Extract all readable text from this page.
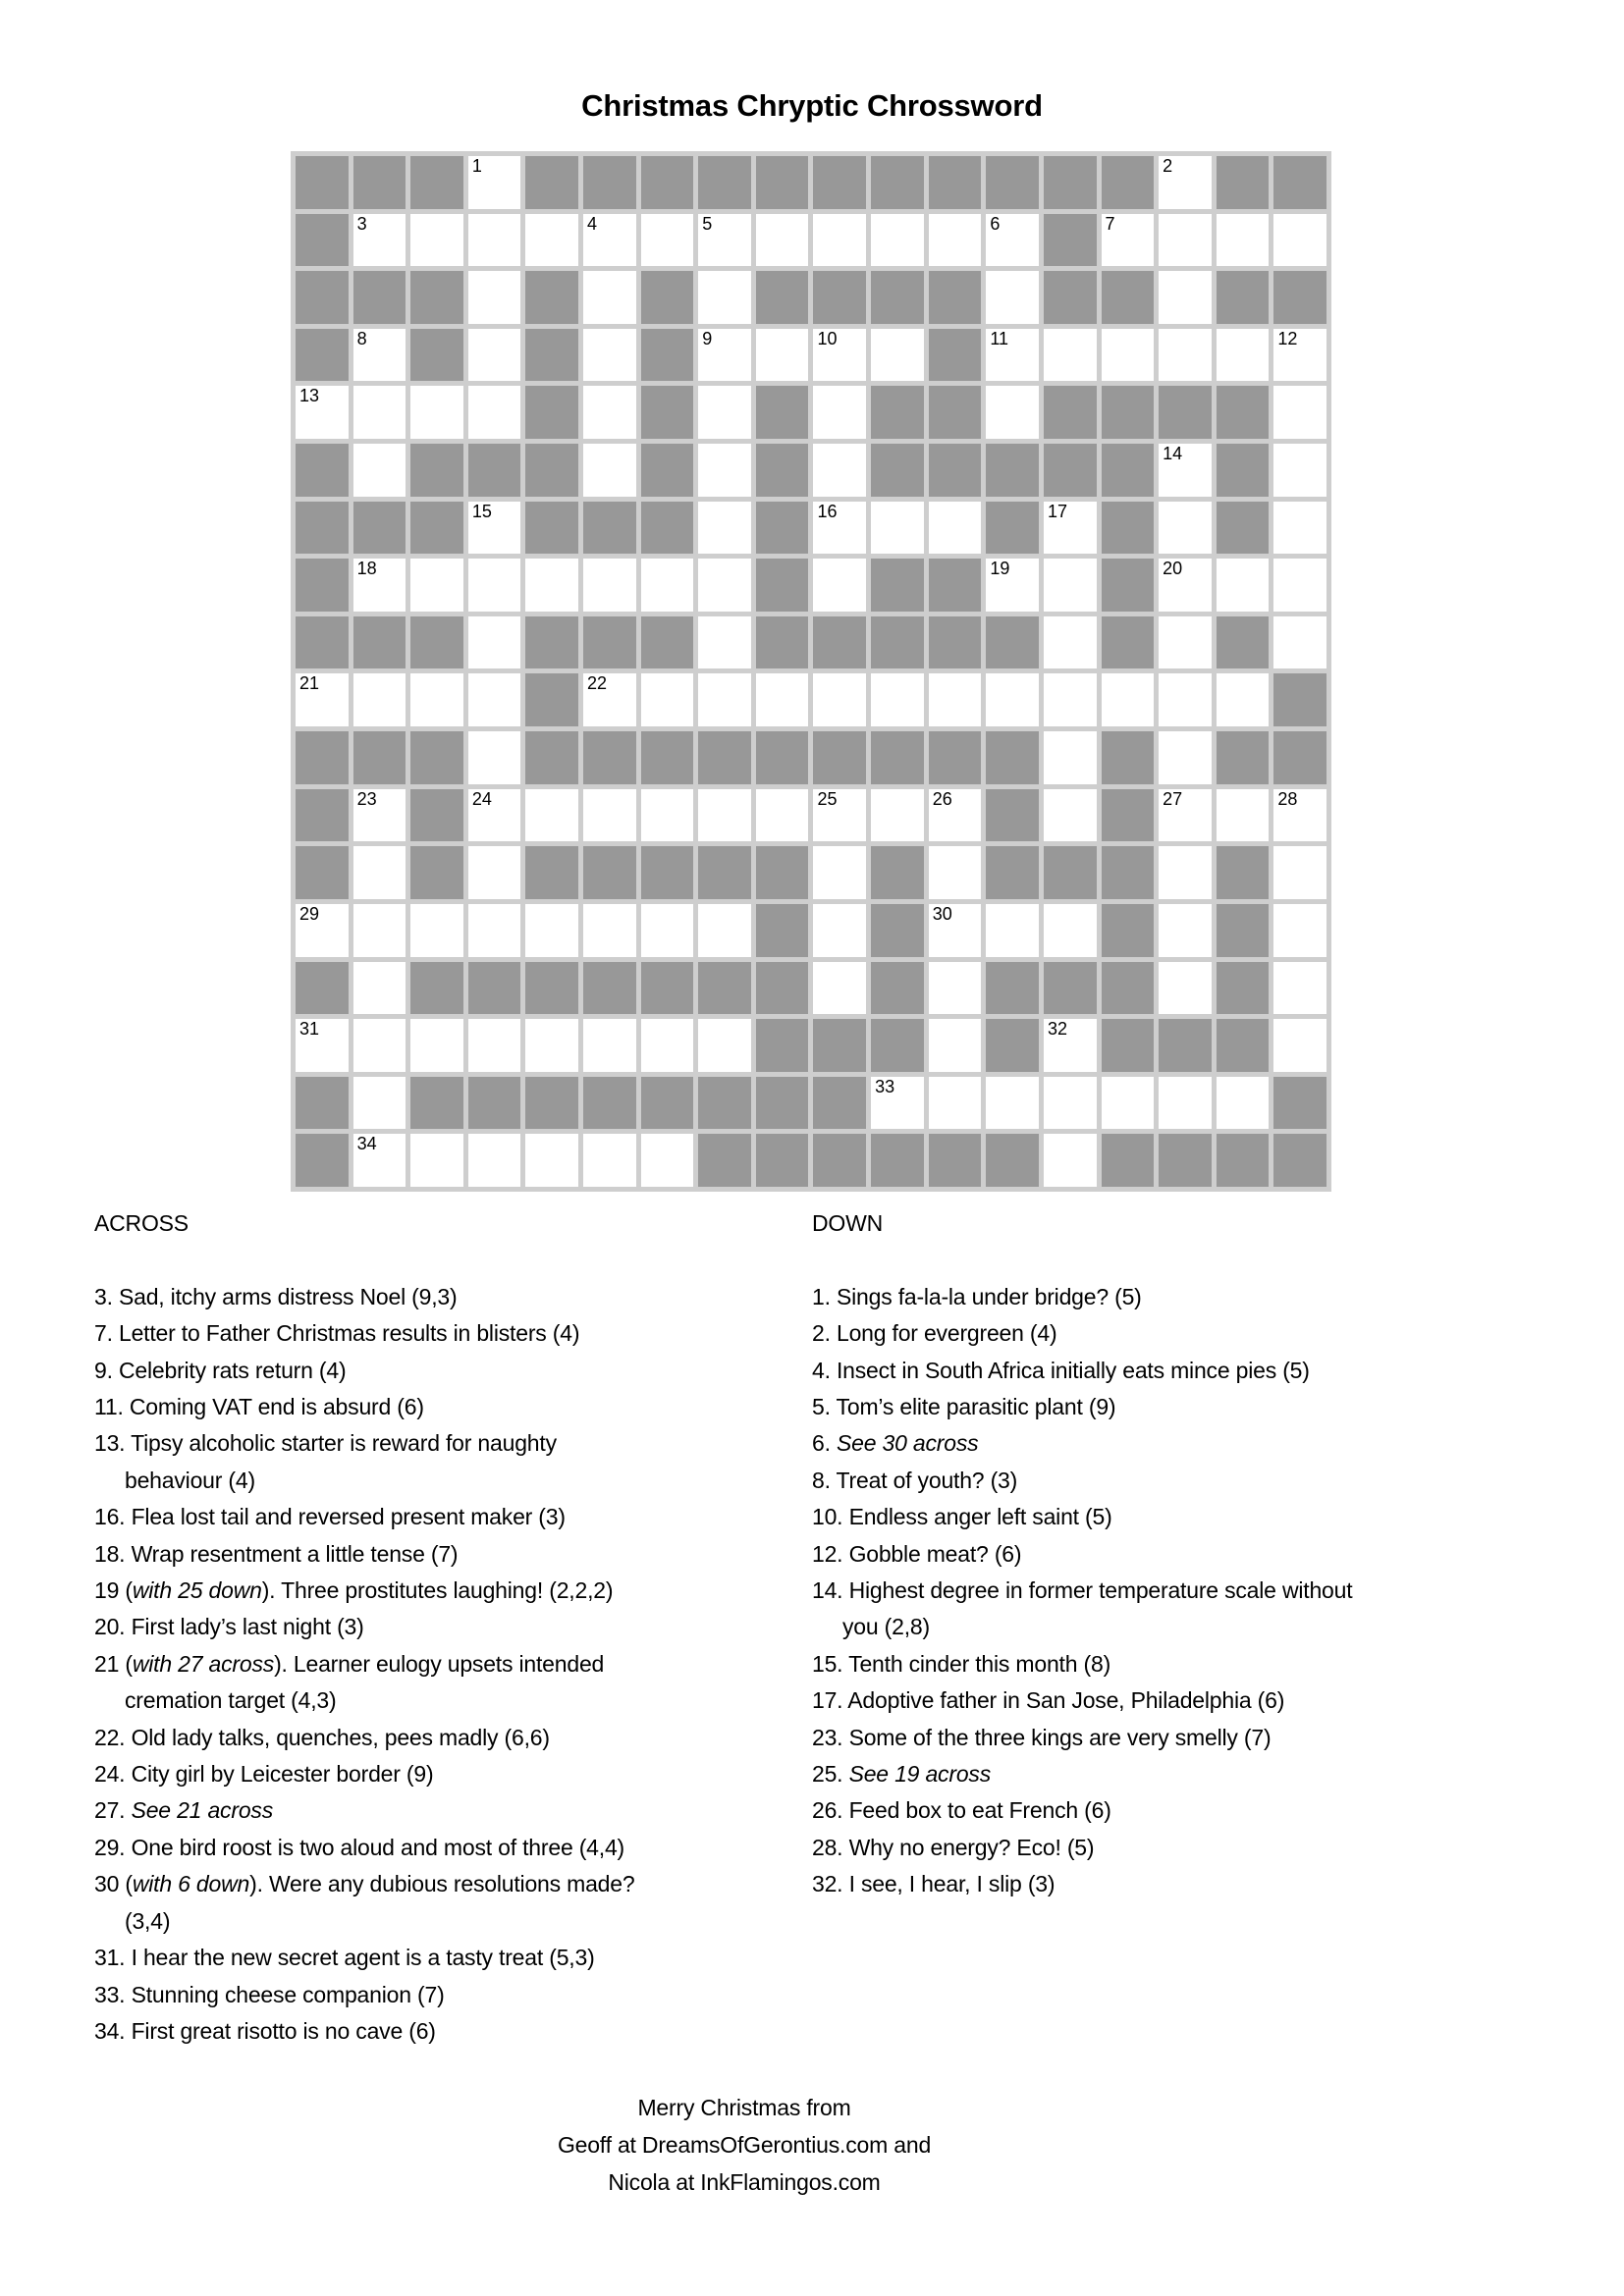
Christmas Chryptic Chrossword
1	2
3	4	5	6	7
8	9	10	11	12
13
14
15	16	17
18	19	20
21	22
23	24	25	26	27	28
29	30
31	32
33
34
ACROSS
3. Sad, itchy arms distress Noel (9,3)
7. Letter to Father Christmas results in blisters (4)
9. Celebrity rats return (4)
11. Coming VAT end is absurd (6)
13. Tipsy alcoholic starter is reward for naughty
behaviour (4)
16. Flea lost tail and reversed present maker (3)
18. Wrap resentment a little tense (7)
19 (with 25 down). Three prostitutes laughing! (2,2,2)
20. First lady’s last night (3)
21 (with 27 across). Learner eulogy upsets intended
cremation target (4,3)
22. Old lady talks, quenches, pees madly (6,6)
24. City girl by Leicester border (9)
27. See 21 across
29. One bird roost is two aloud and most of three (4,4)
30 (with 6 down). Were any dubious resolutions made?
(3,4)
31. I hear the new secret agent is a tasty treat (5,3)
33. Stunning cheese companion (7)
34. First great risotto is no cave (6)
DOWN
1. Sings fa-la-la under bridge? (5)
2. Long for evergreen (4)
4. Insect in South Africa initially eats mince pies (5)
5. Tom’s elite parasitic plant (9)
6. See 30 across
8. Treat of youth? (3)
10. Endless anger left saint (5)
12. Gobble meat? (6)
14. Highest degree in former temperature scale without
you (2,8)
15. Tenth cinder this month (8)
17. Adoptive father in San Jose, Philadelphia (6)
23. Some of the three kings are very smelly (7)
25. See 19 across
26. Feed box to eat French (6)
28. Why no energy? Eco! (5)
32. I see, I hear, I slip (3)
Merry Christmas from
Geoff at DreamsOfGerontius.com and
Nicola at InkFlamingos.com
